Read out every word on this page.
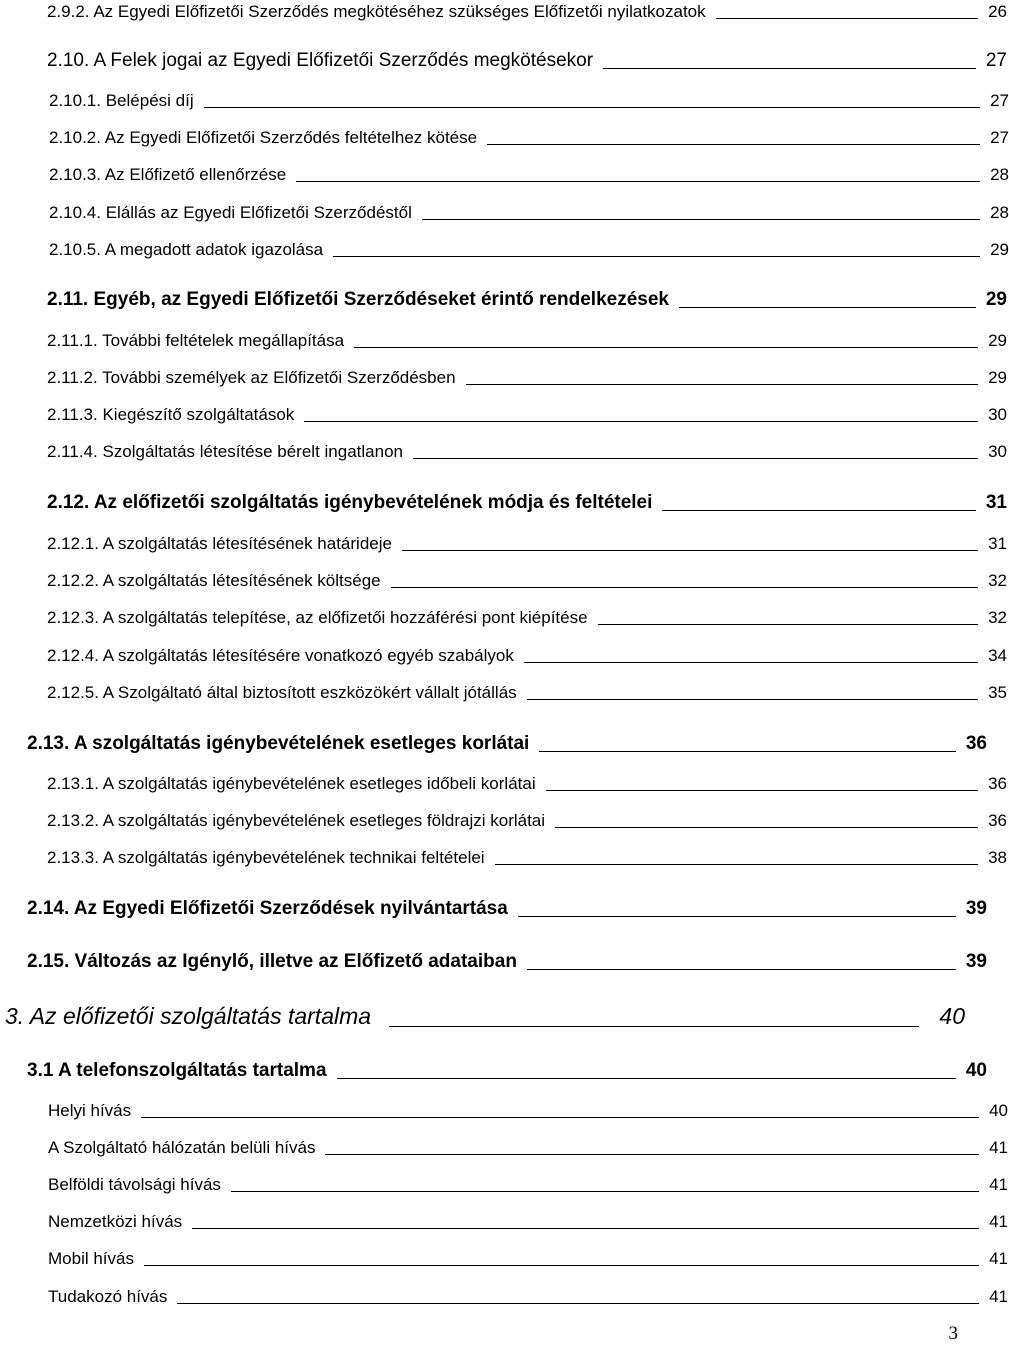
2.9.2. Az Egyedi Előfizetői Szerződés megkötéséhez szükséges Előfizetői nyilatkozatok	26
2.10. A Felek jogai az Egyedi Előfizetői Szerződés megkötésekor	27
2.10.1. Belépési díj	27
2.10.2. Az Egyedi Előfizetői Szerződés feltételhez kötése	27
2.10.3. Az Előfizető ellenőrzése	28
2.10.4. Elállás az Egyedi Előfizetői Szerződéstől	28
2.10.5. A megadott adatok igazolása	29
2.11. Egyéb, az Egyedi Előfizetői Szerződéseket érintő rendelkezések	29
2.11.1. További feltételek megállapítása	29
2.11.2. További személyek az Előfizetői Szerződésben	29
2.11.3. Kiegészítő szolgáltatások	30
2.11.4. Szolgáltatás létesítése bérelt ingatlanon	30
2.12. Az előfizetői szolgáltatás igénybevételének módja és feltételei	31
2.12.1. A szolgáltatás létesítésének határideje	31
2.12.2. A szolgáltatás létesítésének költsége	32
2.12.3. A szolgáltatás telepítése, az előfizetői hozzáférési pont kiépítése	32
2.12.4. A szolgáltatás létesítésére vonatkozó egyéb szabályok	34
2.12.5. A Szolgáltató által biztosított eszközökért vállalt jótállás	35
2.13. A szolgáltatás igénybevételének esetleges korlátai	36
2.13.1. A szolgáltatás igénybevételének esetleges időbeli korlátai	36
2.13.2. A szolgáltatás igénybevételének esetleges földrajzi korlátai	36
2.13.3. A szolgáltatás igénybevételének technikai feltételei	38
2.14. Az Egyedi Előfizetői Szerződések nyilvántartása	39
2.15. Változás az Igénylő, illetve az Előfizető adataiban	39
3. Az előfizetői szolgáltatás tartalma	40
3.1 A telefonszolgáltatás tartalma	40
Helyi hívás	40
A Szolgáltató hálózatán belüli hívás	41
Belföldi távolsági hívás	41
Nemzetközi hívás	41
Mobil hívás	41
Tudakozó hívás	41
3
